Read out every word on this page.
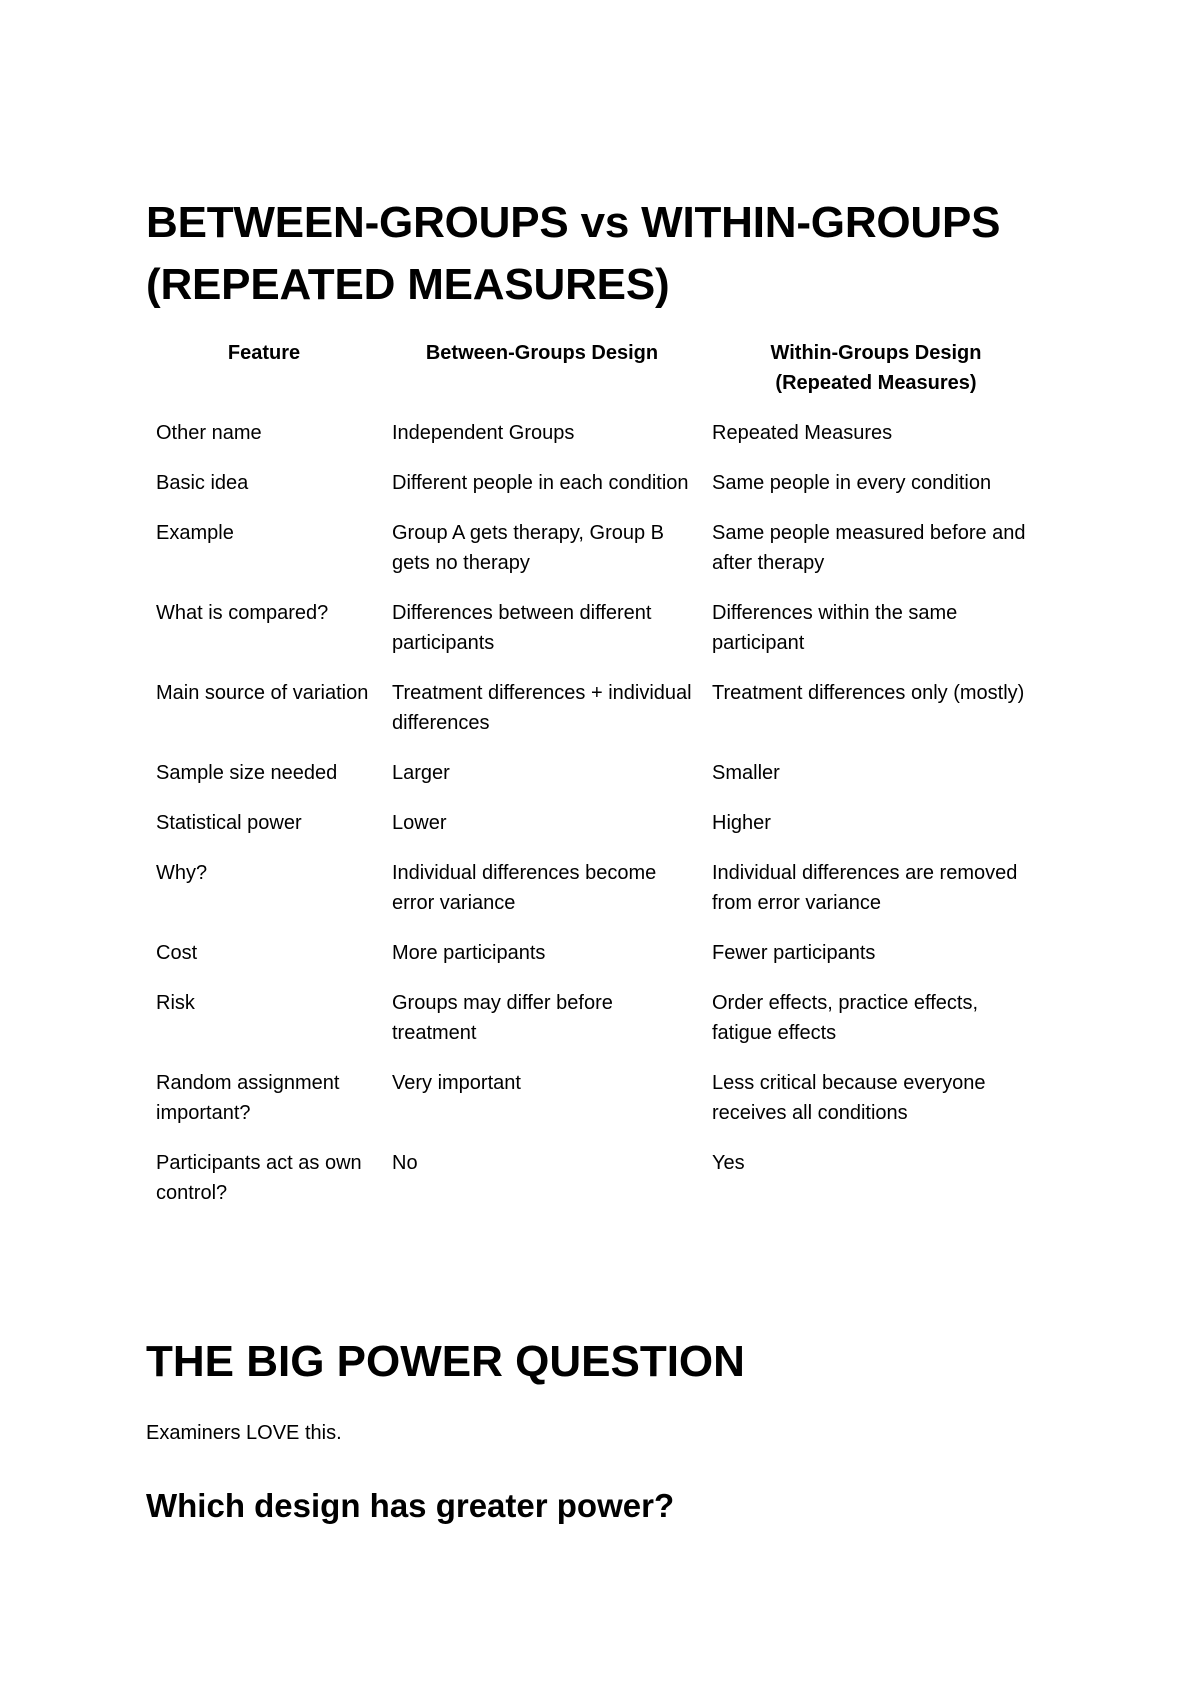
BETWEEN-GROUPS vs WITHIN-GROUPS
(REPEATED MEASURES)
Feature	Between-Groups Design	Within-Groups Design
(Repeated Measures)
Other name	Independent Groups	Repeated Measures
Basic idea	Different people in each condition	Same people in every condition
Example	Group A gets therapy, Group B gets no therapy	Same people measured before and after therapy
What is compared?	Differences between different participants	Differences within the same participant
Main source of variation	Treatment differences + individual differences	Treatment differences only (mostly)
Sample size needed	Larger	Smaller
Statistical power	Lower	Higher
Why?	Individual differences become error variance	Individual differences are removed from error variance
Cost	More participants	Fewer participants
Risk	Groups may differ before treatment	Order effects, practice effects, fatigue effects
Random assignment important?	Very important	Less critical because everyone receives all conditions
Participants act as own control?	No	Yes
THE BIG POWER QUESTION

Examiners LOVE this.

Which design has greater power?
